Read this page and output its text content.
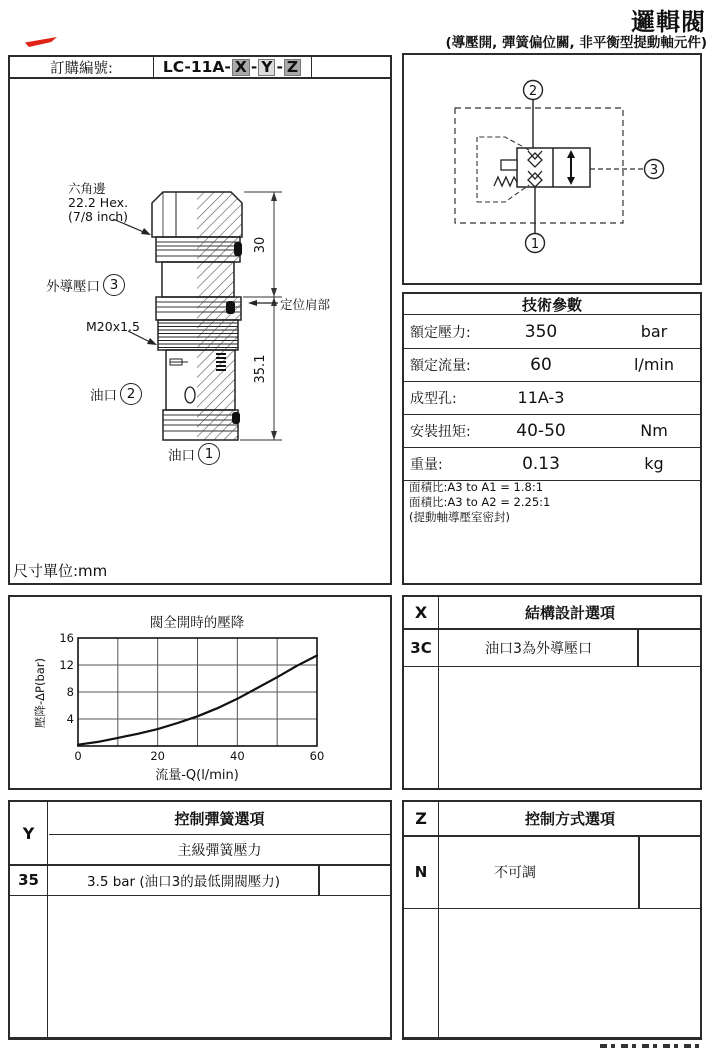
邏輯閥
(導壓開, 彈簧偏位關, 非平衡型提動軸元件)
訂購編號:	LC-11A- X - Y - Z
30
35.1
六角邊
22.2 Hex.
(7/8 inch)
外導壓口 3
M20x1.5
油口 2
油口 1
定位肩部
尺寸單位:mm
2
1
3
技術參數
額定壓力:	350	bar
額定流量:	60	l/min
成型孔:	11A-3
安裝扭矩:	40-50	Nm
重量:	0.13	kg
面積比:A3 to A1 = 1.8:1
面積比:A3 to A2 = 2.25:1
(提動軸導壓室密封)
閥全開時的壓降
流量-Q(l/min)
壓降-ΔP(bar)
0	20	40	60
4
8
12
16
X	結構設計選項
3C	油口3為外導壓口
Y
控制彈簧選項
主級彈簧壓力
35	3.5 bar (油口3的最低開閥壓力)
Z	控制方式選項
N	不可調
